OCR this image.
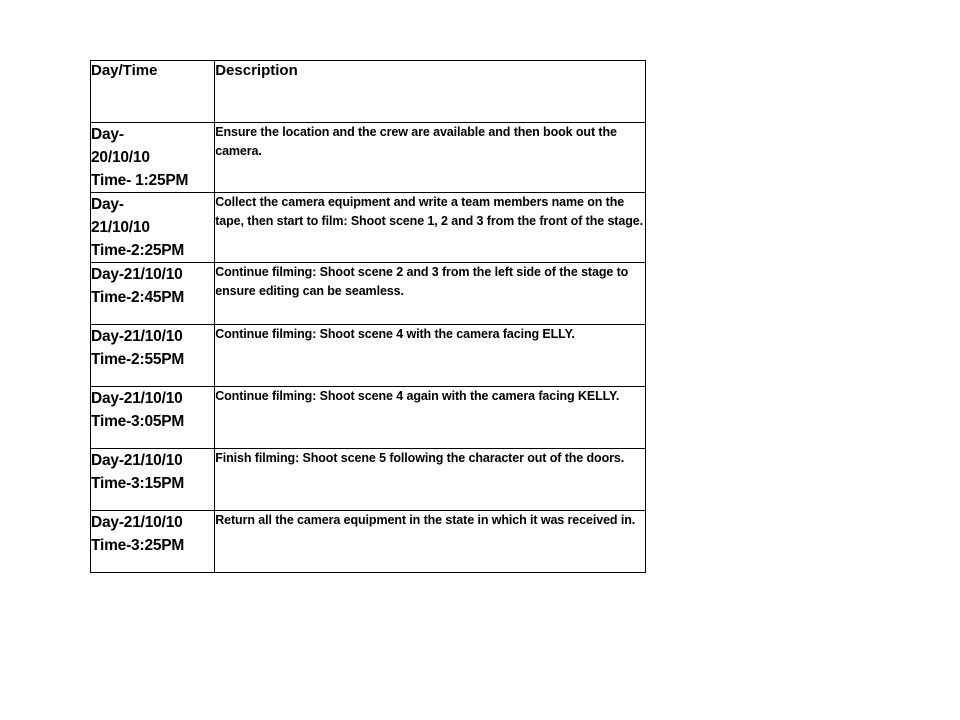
Day/Time	Description
Day-
20/10/10
Time- 1:25PM	Ensure the location and the crew are available and then book out the camera.
Day-
21/10/10
Time-2:25PM	Collect the camera equipment and write a team members name on the tape, then start to film: Shoot scene 1, 2 and 3 from the front of the stage.
Day-21/10/10
Time-2:45PM	Continue filming: Shoot scene 2 and 3 from the left side of the stage to ensure editing can be seamless.
Day-21/10/10
Time-2:55PM	Continue filming: Shoot scene 4 with the camera facing ELLY.
Day-21/10/10
Time-3:05PM	Continue filming: Shoot scene 4 again with the camera facing KELLY.
Day-21/10/10
Time-3:15PM	Finish filming: Shoot scene 5 following the character out of the doors.
Day-21/10/10
Time-3:25PM	Return all the camera equipment in the state in which it was received in.
